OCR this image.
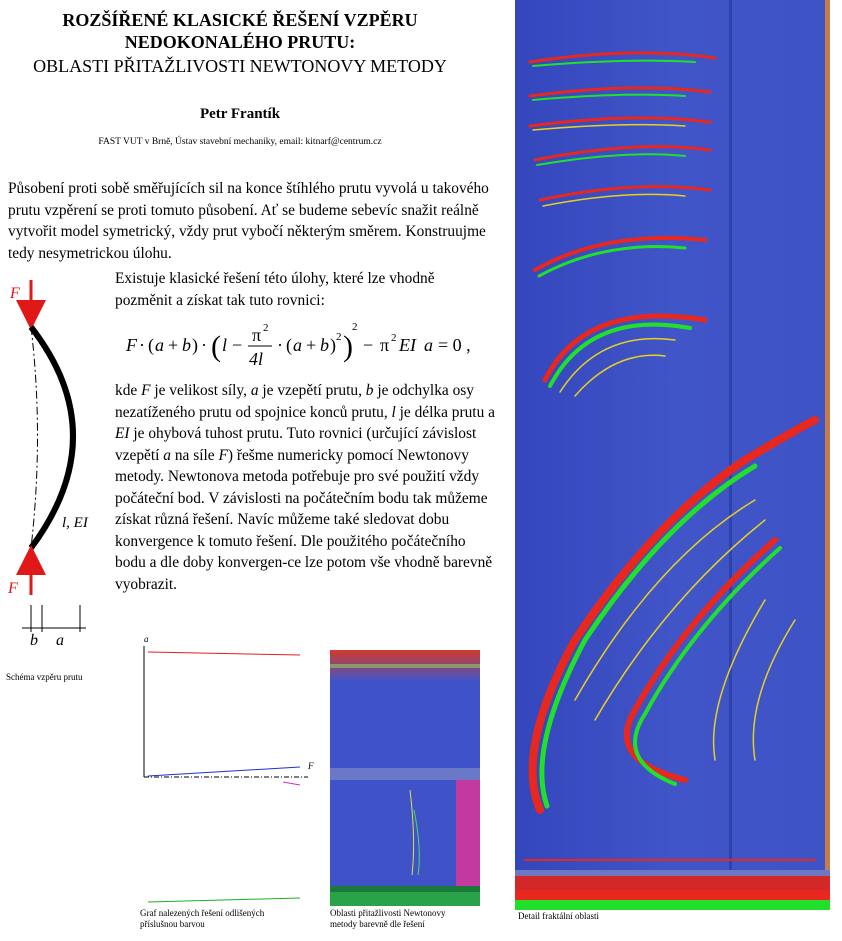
ROZŠÍŘENÉ KLASICKÉ ŘEŠENÍ VZPĚRU
NEDOKONALÉHO PRUTU:
OBLASTI PŘITAŽLIVOSTI NEWTONOVY METODY
Petr Frantík
FAST VUT v Brně, Ústav stavební mechaniky, email: kitnarf@centrum.cz
Působení proti sobě směřujících sil na konce štíhlého prutu vyvolá u takového prutu vzpěrení se proti tomuto působení. Ať se budeme sebevíc snažit reálně vytvořit model symetrický, vždy prut vybočí některým směrem. Konstruujme tedy nesymetrickou úlohu.
Existuje klasické řešení této úlohy, které lze vhodně pozměnit a získat tak tuto rovnici:
F · ( a + b ) · ( l − π 2
4l
· ( a + b ) 2 )
2
− π 2 EI a = 0 ,
kde F je velikost síly, a je vzepětí prutu, b je odchylka osy nezatíženého prutu od spojnice konců prutu, l je délka prutu a EI je ohybová tuhost prutu. Tuto rovnici (určující závislost vzepětí a na síle F) řešme numericky pomocí Newtonovy metody. Newtonova metoda potřebuje pro své použití vždy počáteční bod. V závislosti na počátečním bodu tak můžeme získat různá řešení. Navíc můžeme také sledovat dobu konvergence k tomuto řešení. Dle použitého počátečního bodu a dle doby konvergen-ce lze potom vše vhodně barevně vyobrazit.
F
F
l, EI
b a
Schéma vzpěru prutu
a
F
Graf nalezených řešení odlišených
příslušnou barvou
Oblasti přitažlivosti Newtonovy
metody barevně dle řešení
Detail fraktální oblasti
